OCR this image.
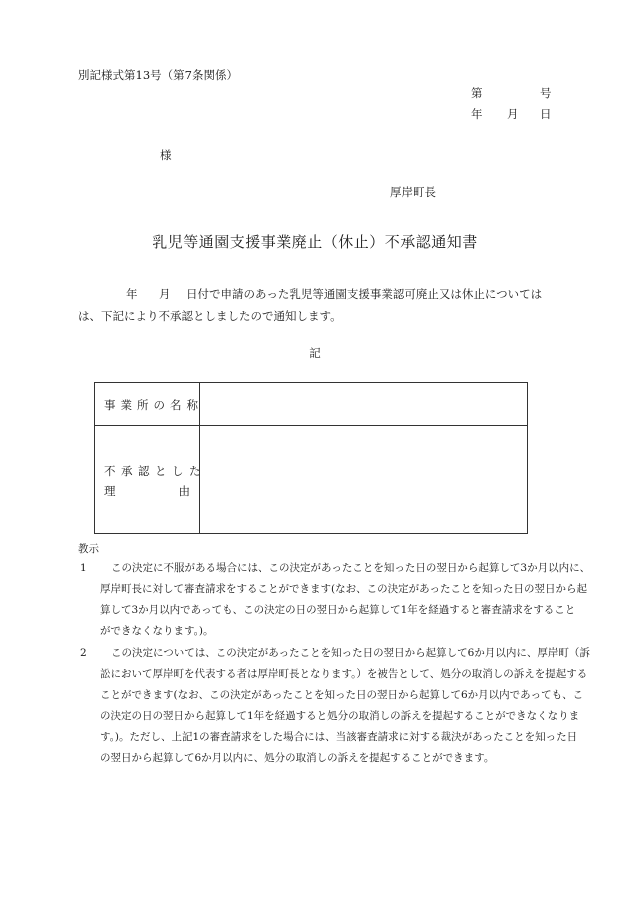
別記様式第13号（第7条関係）
第	号
年 月 日
様
厚岸町長
乳児等通園支援事業廃止（休止）不承認通知書
年 月 日付で申請のあった乳児等通園支援事業認可廃止又は休止については
は、下記により不承認としましたので通知します。
記
事業所の名称
不承認とした
理	由
教示
1	この決定に不服がある場合には、この決定があったことを知った日の翌日から起算して3か月以内に、
厚岸町長に対して審査請求をすることができます(なお、この決定があったことを知った日の翌日から起
算して3か月以内であっても、この決定の日の翌日から起算して1年を経過すると審査請求をすること
ができなくなります。)。
2	この決定については、この決定があったことを知った日の翌日から起算して6か月以内に、厚岸町（訴
訟において厚岸町を代表する者は厚岸町長となります。）を被告として、処分の取消しの訴えを提起する
ことができます(なお、この決定があったことを知った日の翌日から起算して6か月以内であっても、こ
の決定の日の翌日から起算して1年を経過すると処分の取消しの訴えを提起することができなくなりま
す。)。ただし、上記1の審査請求をした場合には、当該審査請求に対する裁決があったことを知った日
の翌日から起算して6か月以内に、処分の取消しの訴えを提起することができます。
